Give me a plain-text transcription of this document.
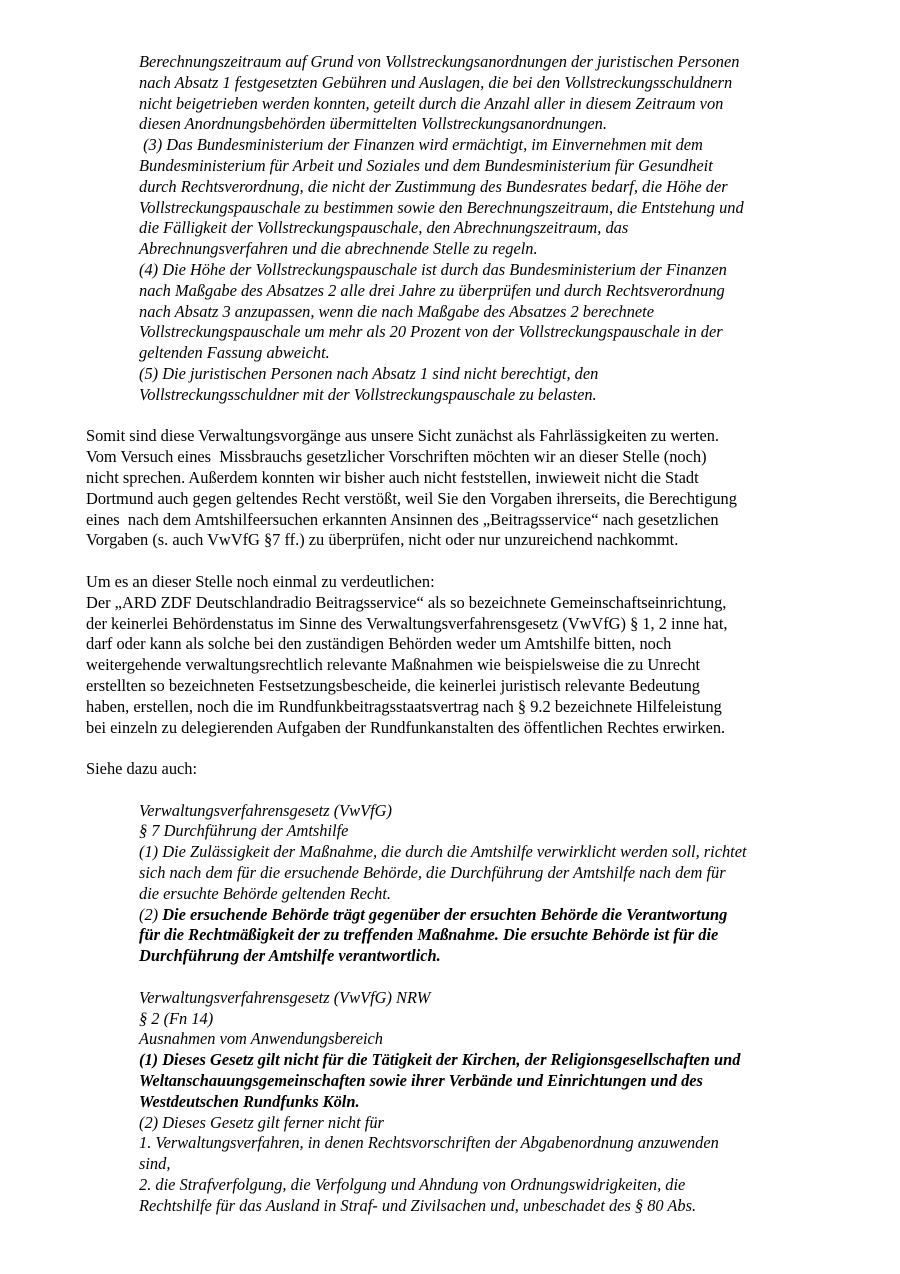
Berechnungszeitraum auf Grund von Vollstreckungsanordnungen der juristischen Personen
nach Absatz 1 festgesetzten Gebühren und Auslagen, die bei den Vollstreckungsschuldnern
nicht beigetrieben werden konnten, geteilt durch die Anzahl aller in diesem Zeitraum von
diesen Anordnungsbehörden übermittelten Vollstreckungsanordnungen.
(3) Das Bundesministerium der Finanzen wird ermächtigt, im Einvernehmen mit dem
Bundesministerium für Arbeit und Soziales und dem Bundesministerium für Gesundheit
durch Rechtsverordnung, die nicht der Zustimmung des Bundesrates bedarf, die Höhe der
Vollstreckungspauschale zu bestimmen sowie den Berechnungszeitraum, die Entstehung und
die Fälligkeit der Vollstreckungspauschale, den Abrechnungszeitraum, das
Abrechnungsverfahren und die abrechnende Stelle zu regeln.
(4) Die Höhe der Vollstreckungspauschale ist durch das Bundesministerium der Finanzen
nach Maßgabe des Absatzes 2 alle drei Jahre zu überprüfen und durch Rechtsverordnung
nach Absatz 3 anzupassen, wenn die nach Maßgabe des Absatzes 2 berechnete
Vollstreckungspauschale um mehr als 20 Prozent von der Vollstreckungspauschale in der
geltenden Fassung abweicht.
(5) Die juristischen Personen nach Absatz 1 sind nicht berechtigt, den
Vollstreckungsschuldner mit der Vollstreckungspauschale zu belasten.
Somit sind diese Verwaltungsvorgänge aus unsere Sicht zunächst als Fahrlässigkeiten zu werten.
Vom Versuch eines  Missbrauchs gesetzlicher Vorschriften möchten wir an dieser Stelle (noch)
nicht sprechen. Außerdem konnten wir bisher auch nicht feststellen, inwieweit nicht die Stadt
Dortmund auch gegen geltendes Recht verstößt, weil Sie den Vorgaben ihrerseits, die Berechtigung
eines  nach dem Amtshilfeersuchen erkannten Ansinnen des „Beitragsservice“ nach gesetzlichen
Vorgaben (s. auch VwVfG §7 ff.) zu überprüfen, nicht oder nur unzureichend nachkommt.
Um es an dieser Stelle noch einmal zu verdeutlichen:
Der „ARD ZDF Deutschlandradio Beitragsservice“ als so bezeichnete Gemeinschaftseinrichtung,
der keinerlei Behördenstatus im Sinne des Verwaltungsverfahrensgesetz (VwVfG) § 1, 2 inne hat,
darf oder kann als solche bei den zuständigen Behörden weder um Amtshilfe bitten, noch
weitergehende verwaltungsrechtlich relevante Maßnahmen wie beispielsweise die zu Unrecht
erstellten so bezeichneten Festsetzungsbescheide, die keinerlei juristisch relevante Bedeutung
haben, erstellen, noch die im Rundfunkbeitragsstaatsvertrag nach § 9.2 bezeichnete Hilfeleistung
bei einzeln zu delegierenden Aufgaben der Rundfunkanstalten des öffentlichen Rechtes erwirken.
Siehe dazu auch:
Verwaltungsverfahrensgesetz (VwVfG)
§ 7 Durchführung der Amtshilfe
(1) Die Zulässigkeit der Maßnahme, die durch die Amtshilfe verwirklicht werden soll, richtet
sich nach dem für die ersuchende Behörde, die Durchführung der Amtshilfe nach dem für
die ersuchte Behörde geltenden Recht.
(2) Die ersuchende Behörde trägt gegenüber der ersuchten Behörde die Verantwortung
für die Rechtmäßigkeit der zu treffenden Maßnahme. Die ersuchte Behörde ist für die
Durchführung der Amtshilfe verantwortlich.
Verwaltungsverfahrensgesetz (VwVfG) NRW
§ 2 (Fn 14)
Ausnahmen vom Anwendungsbereich
(1) Dieses Gesetz gilt nicht für die Tätigkeit der Kirchen, der Religionsgesellschaften und
Weltanschauungsgemeinschaften sowie ihrer Verbände und Einrichtungen und des
Westdeutschen Rundfunks Köln.
(2) Dieses Gesetz gilt ferner nicht für
1. Verwaltungsverfahren, in denen Rechtsvorschriften der Abgabenordnung anzuwenden
sind,
2. die Strafverfolgung, die Verfolgung und Ahndung von Ordnungswidrigkeiten, die
Rechtshilfe für das Ausland in Straf- und Zivilsachen und, unbeschadet des § 80 Abs.
